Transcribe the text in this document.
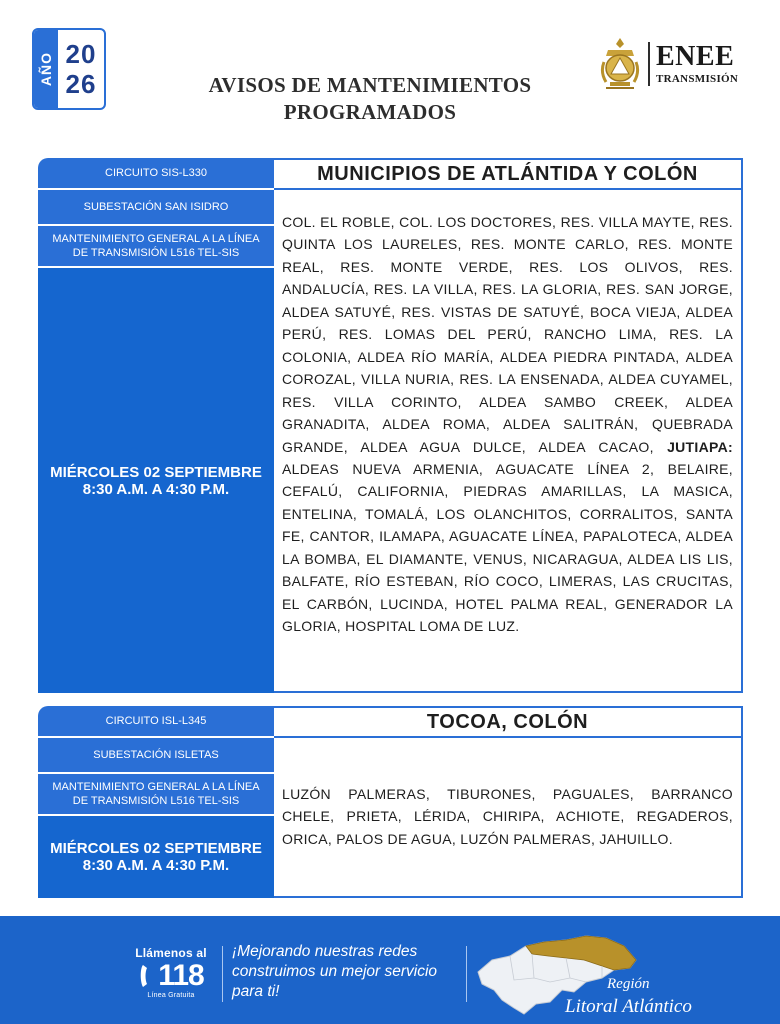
AÑO 20
26	AVISOS DE MANTENIMIENTOS
PROGRAMADOS
ENEE
TRANSMISIÓN
CIRCUITO SIS-L330
SUBESTACIÓN SAN ISIDRO
MANTENIMIENTO GENERAL A LA LÍNEA DE TRANSMISIÓN L516 TEL-SIS
MIÉRCOLES 02 SEPTIEMBRE
8:30 A.M. A 4:30 P.M.
MUNICIPIOS DE ATLÁNTIDA Y COLÓN
COL. EL ROBLE, COL. LOS DOCTORES, RES. VILLA MAYTE, RES. QUINTA LOS LAURELES, RES. MONTE CARLO, RES. MONTE REAL, RES. MONTE VERDE, RES. LOS OLIVOS, RES. ANDALUCÍA, RES. LA VILLA, RES. LA GLORIA, RES. SAN JORGE, ALDEA SATUYÉ, RES. VISTAS DE SATUYÉ, BOCA VIEJA, ALDEA PERÚ, RES. LOMAS DEL PERÚ, RANCHO LIMA, RES. LA COLONIA, ALDEA RÍO MARÍA, ALDEA PIEDRA PINTADA, ALDEA COROZAL, VILLA NURIA, RES. LA ENSENADA, ALDEA CUYAMEL, RES. VILLA CORINTO, ALDEA SAMBO CREEK, ALDEA GRANADITA, ALDEA ROMA, ALDEA SALITRÁN, QUEBRADA GRANDE, ALDEA AGUA DULCE, ALDEA CACAO, JUTIAPA: ALDEAS NUEVA ARMENIA, AGUACATE LÍNEA 2, BELAIRE, CEFALÚ, CALIFORNIA, PIEDRAS AMARILLAS, LA MASICA, ENTELINA, TOMALÁ, LOS OLANCHITOS, CORRALITOS, SANTA FE, CANTOR, ILAMAPA, AGUACATE LÍNEA, PAPALOTECA, ALDEA LA BOMBA, EL DIAMANTE, VENUS, NICARAGUA, ALDEA LIS LIS, BALFATE, RÍO ESTEBAN, RÍO COCO, LIMERAS, LAS CRUCITAS, EL CARBÓN, LUCINDA, HOTEL PALMA REAL, GENERADOR LA GLORIA, HOSPITAL LOMA DE LUZ.
CIRCUITO ISL-L345
SUBESTACIÓN ISLETAS
MANTENIMIENTO GENERAL A LA LÍNEA DE TRANSMISIÓN L516 TEL-SIS
MIÉRCOLES 02 SEPTIEMBRE
8:30 A.M. A 4:30 P.M.
TOCOA, COLÓN
LUZÓN PALMERAS, TIBURONES, PAGUALES, BARRANCO CHELE, PRIETA, LÉRIDA, CHIRIPA, ACHIOTE, REGADEROS, ORICA, PALOS DE AGUA, LUZÓN PALMERAS, JAHUILLO.
Llámenos al
118
Línea Gratuita
¡Mejorando nuestras redes construimos un mejor servicio para ti!	Región
Litoral Atlántico
